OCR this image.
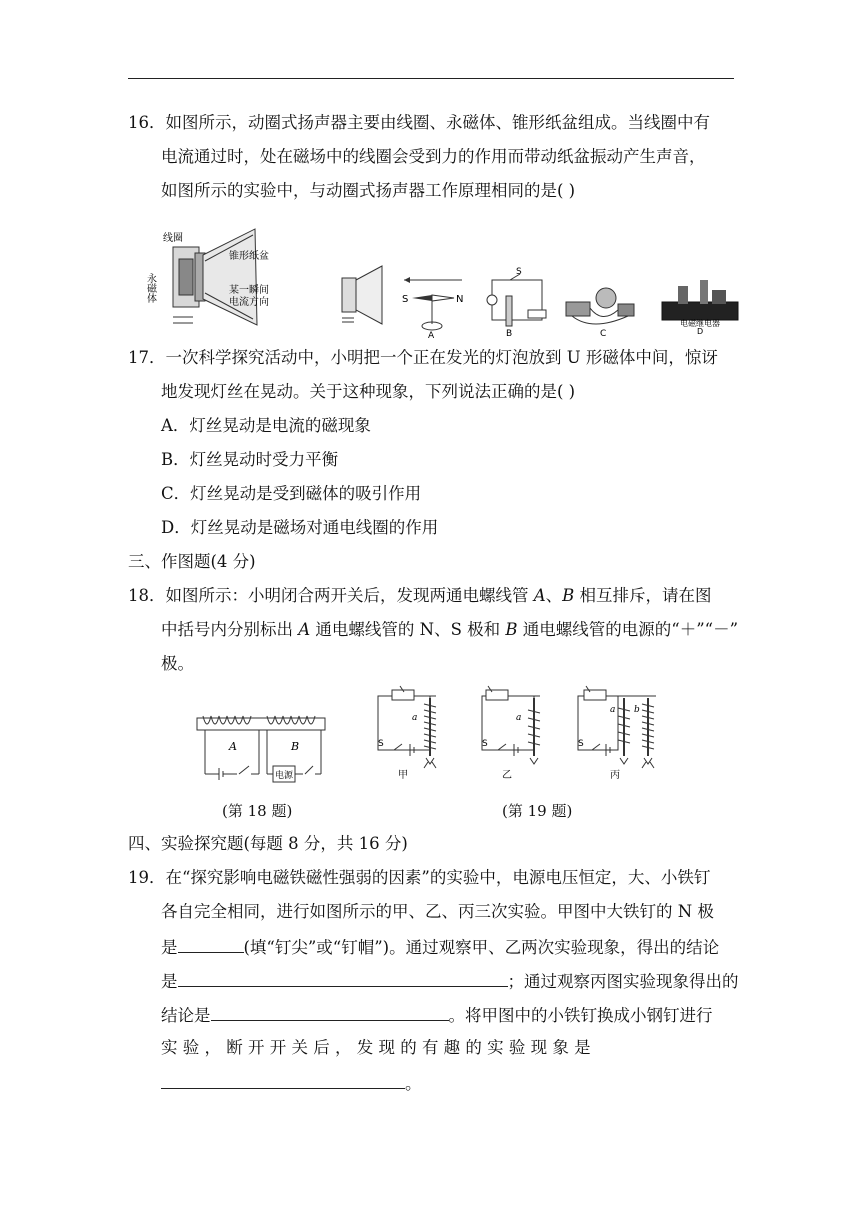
16．如图所示，动圈式扬声器主要由线圈、永磁体、锥形纸盆组成。当线圈中有
电流通过时，处在磁场中的线圈会受到力的作用而带动纸盆振动产生声音，
如图所示的实验中，与动圈式扬声器工作原理相同的是( )
线圈
锥形纸盆
永磁体	某一瞬间
电流方向	S	N
A
S
B	C
电磁继电器
D
17．一次科学探究活动中，小明把一个正在发光的灯泡放到 U 形磁体中间，惊讶
地发现灯丝在晃动。关于这种现象，下列说法正确的是( )
A．灯丝晃动是电流的磁现象
B．灯丝晃动时受力平衡
C．灯丝晃动是受到磁体的吸引作用
D．灯丝晃动是磁场对通电线圈的作用
三、作图题(4 分)
18．如图所示：小明闭合两开关后，发现两通电螺线管 A、B 相互排斥，请在图
中括号内分别标出 A 通电螺线管的 N、S 极和 B 通电螺线管的电源的“＋”“－”
极。
A	B
电源
S
a
甲
S
a
乙
S
a b
丙
(第 18 题)	(第 19 题)
四、实验探究题(每题 8 分，共 16 分)
19．在“探究影响电磁铁磁性强弱的因素”的实验中，电源电压恒定，大、小铁钉
各自完全相同，进行如图所示的甲、乙、丙三次实验。甲图中大铁钉的 N 极
是	(填“钉尖”或“钉帽”)。通过观察甲、乙两次实验现象，得出的结论
是	；通过观察丙图实验现象得出的
结论是	。将甲图中的小铁钉换成小钢钉进行
实 验 ， 断 开 开 关 后 ， 发 现 的 有 趣 的 实 验 现 象 是
。
